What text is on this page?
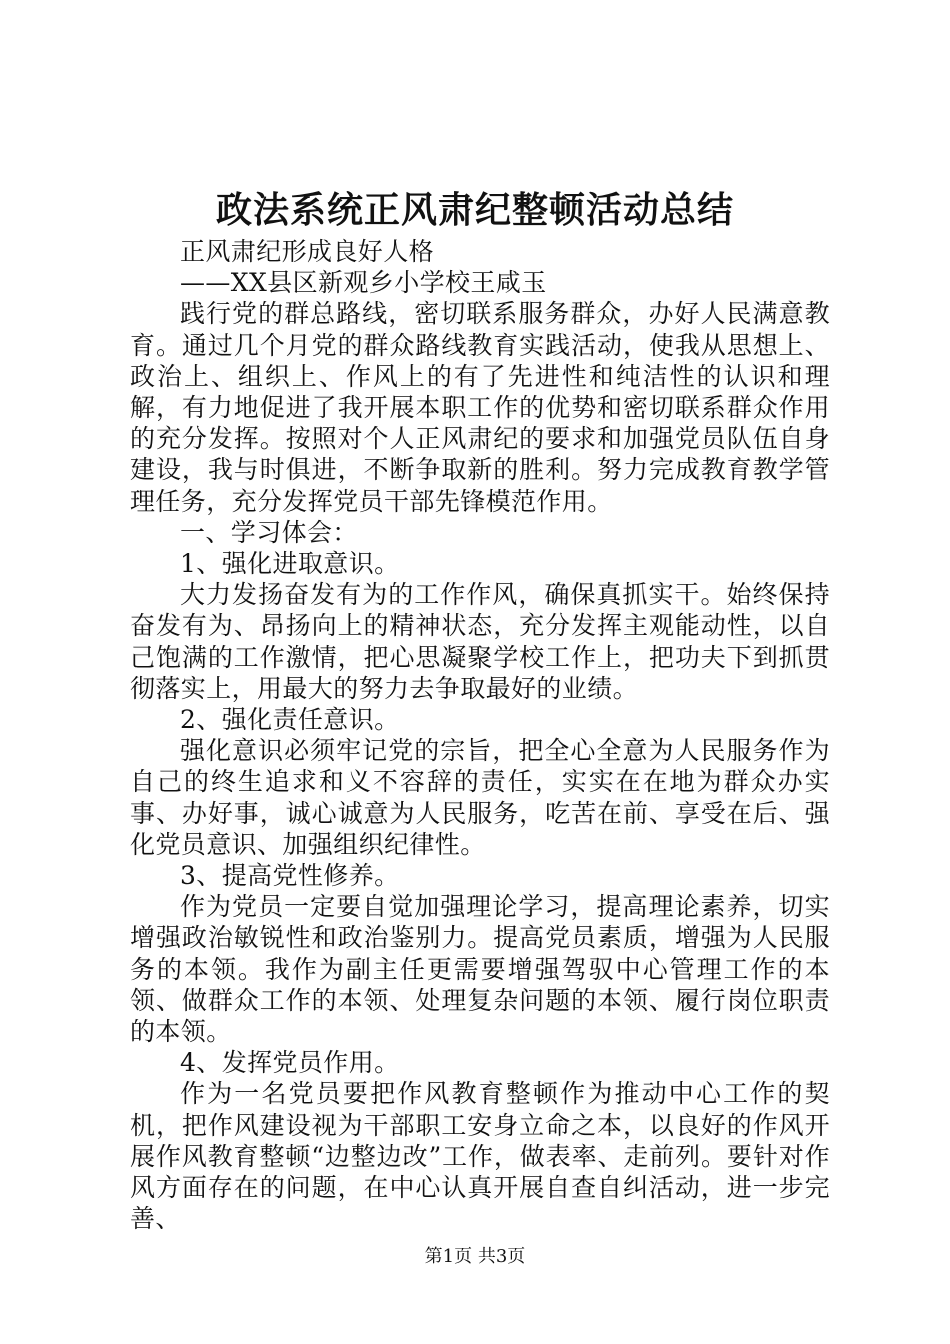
政法系统正风肃纪整顿活动总结

正风肃纪形成良好人格

——XX县区新观乡小学校王咸玉

践行党的群总路线，密切联系服务群众，办好人民满意教育。通过几个月党的群众路线教育实践活动，使我从思想上、政治上、组织上、作风上的有了先进性和纯洁性的认识和理解，有力地促进了我开展本职工作的优势和密切联系群众作用的充分发挥。按照对个人正风肃纪的要求和加强党员队伍自身建设，我与时俱进，不断争取新的胜利。努力完成教育教学管理任务，充分发挥党员干部先锋模范作用。

一、学习体会：

1、强化进取意识。

大力发扬奋发有为的工作作风，确保真抓实干。始终保持奋发有为、昂扬向上的精神状态，充分发挥主观能动性，以自己饱满的工作激情，把心思凝聚学校工作上，把功夫下到抓贯彻落实上，用最大的努力去争取最好的业绩。

2、强化责任意识。

强化意识必须牢记党的宗旨，把全心全意为人民服务作为自己的终生追求和义不容辞的责任，实实在在地为群众办实事、办好事，诚心诚意为人民服务，吃苦在前、享受在后、强化党员意识、加强组织纪律性。

3、提高党性修养。

作为党员一定要自觉加强理论学习，提高理论素养，切实增强政治敏锐性和政治鉴别力。提高党员素质，增强为人民服务的本领。我作为副主任更需要增强驾驭中心管理工作的本领、做群众工作的本领、处理复杂问题的本领、履行岗位职责的本领。

4、发挥党员作用。

作为一名党员要把作风教育整顿作为推动中心工作的契机，把作风建设视为干部职工安身立命之本，以良好的作风开展作风教育整顿“边整边改”工作，做表率、走前列。要针对作风方面存在的问题，在中心认真开展自查自纠活动，进一步完善、

第1页 共3页
